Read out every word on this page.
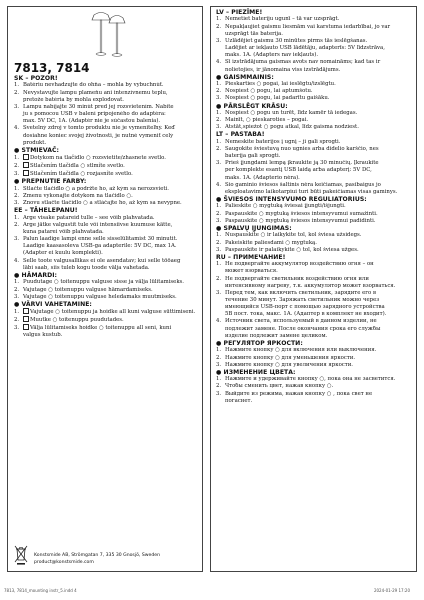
7813, 7814
SK – POZOR!
1. Batériu nevhadzujte do ohňa – mohla by vybuchnúť.
2. Nevystavujte lampu plameňu ani intenzívnemu teplu,
pretože batéria by mohla explodovať.
3. Lampu nabíjajte 30 minút pred jej rozsvietením. Nabite
ju s pomocou USB v balení pripojeného do adaptéra:
max. 5V DC, 1A. (Adaptér nie je súčasťou balenia).
4. Svetelný zdroj v tomto produktu nie je vymeniteľný. Keď
dosiahne koniec svojej životnosti, je nutné vymeniť celý
produkt.
● STMIEVAČ:
1. Dotykom na tlačidlo ○ rozsvietite/zhasnete svetlo.
2. Stlačením tlačidla ○ stlmíte svetlo.
3. Stlačením tlačidla ○ rozjasníte svetlo.
● PREPNUTIE FARBY:
1. Stlačte tlačidlo ○ a podržte ho, až kým sa nerozsvieti.
2. Zmenu vykonajte dotykom na tlačidlo ○.
3. Znovu stlačte tlačidlo ○ a stláčajte ho, až kým sa nevypne.
EE – TÄHELEPANU!
1. Ärge visake patareid tulle – see võib plahvatada.
2. Ärge jätke valgustit tule või intensiivse kuumuse kätte,
kuna patarei võib plahvatada.
3. Palun laadige lampi enne selle sisselülitamist 30 minutit.
Laadige kaasasoleva USB-ga adapterile: 5V DC, max 1A.
(Adapter ei kuulu komplekti).
4. Selle toote valgusallikas ei ole asendatav; kui selle tööaeg
läbi saab, siis tuleb kogu toode välja vahetada.
● HÄMARDI:
1. Puudutage ○ toitenuppu valguse sisse ja välja lülitamiseks.
2. Vajutage ○ toitenuppu valguse hämardamiseks.
3. Vajutage ○ toitenuppu valguse heledamaks muutmiseks.
● VÄRVI VAHETAMINE:
1. Vajutage ○ toitenuppu ja hoidke all kuni valguse süttimiseni.
2. Muutke ○ toitenuppu puudutades.
3. Välja lülitamiseks hoidke ○ toitenuppu all seni, kuni
valgus kustub.
Konstsmide AB, Strömgatan 7, 335 30 Gnosjö, Sweden
product@konstsmide.com
LV – PIEZĪME!
1. Nemetiet bateriju ugunī – tā var uzsprāgt.
2. Nepakļaujiet gaismu liesmām vai karstuma iedarbībai, jo var
uzsprāgt tās baterija.
3. Uzlādējiet gaismu 30 minūtes pirms tās ieslēgšanas.
Ladējiet ar iekļauto USB lādētāju, adapterīs: 5V līdzstrāva,
maks. 1A. (Adapters nav iekļauts).
4. Šī izstrādājuma gaismas avots nav nomaināms; kad tas ir
nolietojies, ir jānomaina viss izstrādājums.
● GAISMMAINIS:
1. Pieskarties ○ pogai, lai ieslēgtu/izslēgtu.
2. Nospiest ○ pogu, lai aptumšotu.
3. Nospiest ○ pogu, lai padarītu gaišāku.
● PĀRSLĒGT KRĀSU:
1. Nospiest ○ pogu un turēt, līdz kamēr tā iedegas.
2. Mainīt, ○ pieskaroties – pogai.
3. Atstāt,spiežot ○ pogu atkal, līdz gaisma nodziest.
LT – PASTABA!
1. Nemeskite baterijos į ugnį – ji gali sprogti.
2. Saugokite šviestuvą nuo ugnies arba didelio karščio, nes
baterija gali sprogti.
3. Prieš įjungdami lempą įkraukite ją 30 minučių. Įkraukite
per komplekte esantį USB laidą arba adapterį: 5V DC,
maks. 1A. (Adapterio nėra).
4. Šio gaminio šviesos šaltinis nėra keičiamas, pasibaigus jo
eksploatavimo laikotarpiui turi būti pakeičiamas visas gaminys.
● ŠVIESOS INTENSYVUMO REGULIATORIUS:
1. Palieskite ○ mygtuką šviesai įjungti/išjungti.
2. Paspauskite ○ mygtuką šviesos intensyvumui sumažinti.
3. Paspauskite ○ mygtuką šviesos intensyvumui padidinti.
● SPALVŲ ĮJUNGIMAS:
1. Nuspauskite ○ ir laikykite tol, kol šviesa užsidegs.
2. Pakeiskite paliesdami ○ mygtuką.
3. Paspauskite ir palaikykite ○ tol, kol šviesa užges.
RU – ПРИМЕЧАНИЕ!
1. Не подвергайте аккумулятор воздействию огня – он
может взорваться.
2. Не подвергайте светильник воздействию огня или
интенсивному нагреву, т.к. аккумулятор может взорваться.
3. Перед тем, как включить светильник, зарядите его в
течение 30 минут. Заряжать светильник можно через
имеющийся USB-порт с помощью зарядного устройства
5В пост. тока, макс. 1А. (Адаптер в комплект не входит).
4. Источник света, используемый в данном изделии, не
подлежит замене. После окончания срока его службы
изделие подлежит замене целиком.
● РЕГУЛЯТОР ЯРКОСТИ:
1. Нажмите кнопку ○ для включения или выключения.
2. Нажмите кнопку ○ для уменьшения яркости.
3. Нажмите кнопку ○ для увеличения яркости.
● ИЗМЕНЕНИЕ ЦВЕТА:
1. Нажмите и удерживайте кнопку ○, пока она не засветится.
2. Чтобы сменить цвет, нажав кнопку ○.
3. Выйдите из режима, нажав кнопку ○ , пока свет не
погаснет.
7813, 7814_mounting instr_5.indd 4	2024-01-29 17:20
